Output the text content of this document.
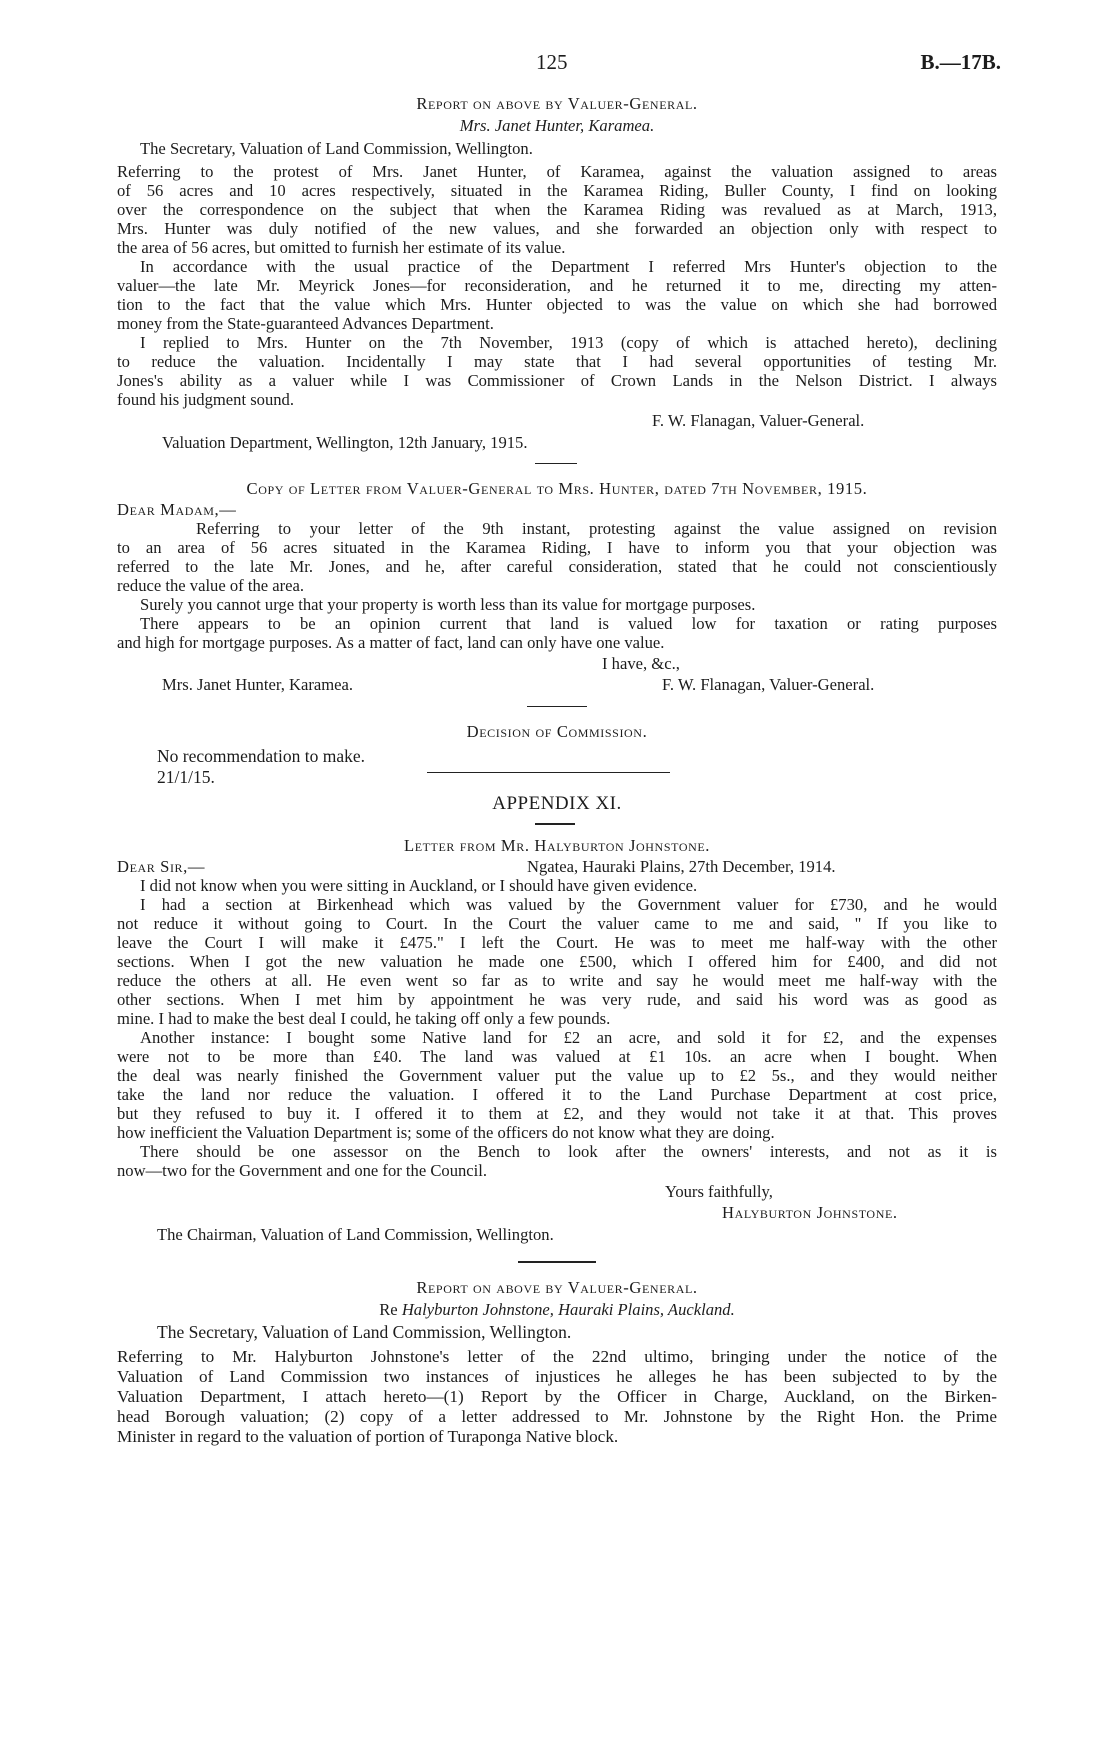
125	B.—17B.
Report on above by Valuer-General.
Mrs. Janet Hunter, Karamea.
The Secretary, Valuation of Land Commission, Wellington.
Referring to the protest of Mrs. Janet Hunter, of Karamea, against the valuation assigned to areas
of 56 acres and 10 acres respectively, situated in the Karamea Riding, Buller County, I find on looking
over the correspondence on the subject that when the Karamea Riding was revalued as at March, 1913,
Mrs. Hunter was duly notified of the new values, and she forwarded an objection only with respect to
the area of 56 acres, but omitted to furnish her estimate of its value.
In accordance with the usual practice of the Department I referred Mrs Hunter's objection to the
valuer—the late Mr. Meyrick Jones—for reconsideration, and he returned it to me, directing my atten-
tion to the fact that the value which Mrs. Hunter objected to was the value on which she had borrowed
money from the State-guaranteed Advances Department.
I replied to Mrs. Hunter on the 7th November, 1913 (copy of which is attached hereto), declining
to reduce the valuation. Incidentally I may state that I had several opportunities of testing Mr.
Jones's ability as a valuer while I was Commissioner of Crown Lands in the Nelson District. I always
found his judgment sound.
F. W. Flanagan, Valuer-General.
Valuation Department, Wellington, 12th January, 1915.
Copy of Letter from Valuer-General to Mrs. Hunter, dated 7th November, 1915.
Dear Madam,—
Referring to your letter of the 9th instant, protesting against the value assigned on revision
to an area of 56 acres situated in the Karamea Riding, I have to inform you that your objection was
referred to the late Mr. Jones, and he, after careful consideration, stated that he could not conscientiously
reduce the value of the area.
Surely you cannot urge that your property is worth less than its value for mortgage purposes.
There appears to be an opinion current that land is valued low for taxation or rating purposes
and high for mortgage purposes. As a matter of fact, land can only have one value.
I have, &c.,
Mrs. Janet Hunter, Karamea.	F. W. Flanagan, Valuer-General.
Decision of Commission.
No recommendation to make.
21/1/15.
APPENDIX XI.
Letter from Mr. Halyburton Johnstone.
Dear Sir,—	Ngatea, Hauraki Plains, 27th December, 1914.
I did not know when you were sitting in Auckland, or I should have given evidence.
I had a section at Birkenhead which was valued by the Government valuer for £730, and he would
not reduce it without going to Court. In the Court the valuer came to me and said, " If you like to
leave the Court I will make it £475." I left the Court. He was to meet me half-way with the other
sections. When I got the new valuation he made one £500, which I offered him for £400, and did not
reduce the others at all. He even went so far as to write and say he would meet me half-way with the
other sections. When I met him by appointment he was very rude, and said his word was as good as
mine. I had to make the best deal I could, he taking off only a few pounds.
Another instance: I bought some Native land for £2 an acre, and sold it for £2, and the expenses
were not to be more than £40. The land was valued at £1 10s. an acre when I bought. When
the deal was nearly finished the Government valuer put the value up to £2 5s., and they would neither
take the land nor reduce the valuation. I offered it to the Land Purchase Department at cost price,
but they refused to buy it. I offered it to them at £2, and they would not take it at that. This proves
how inefficient the Valuation Department is; some of the officers do not know what they are doing.
There should be one assessor on the Bench to look after the owners' interests, and not as it is
now—two for the Government and one for the Council.
Yours faithfully,
Halyburton Johnstone.
The Chairman, Valuation of Land Commission, Wellington.
Report on above by Valuer-General.
Re Halyburton Johnstone, Hauraki Plains, Auckland.
The Secretary, Valuation of Land Commission, Wellington.
Referring to Mr. Halyburton Johnstone's letter of the 22nd ultimo, bringing under the notice of the
Valuation of Land Commission two instances of injustices he alleges he has been subjected to by the
Valuation Department, I attach hereto—(1) Report by the Officer in Charge, Auckland, on the Birken-
head Borough valuation; (2) copy of a letter addressed to Mr. Johnstone by the Right Hon. the Prime
Minister in regard to the valuation of portion of Turaponga Native block.
